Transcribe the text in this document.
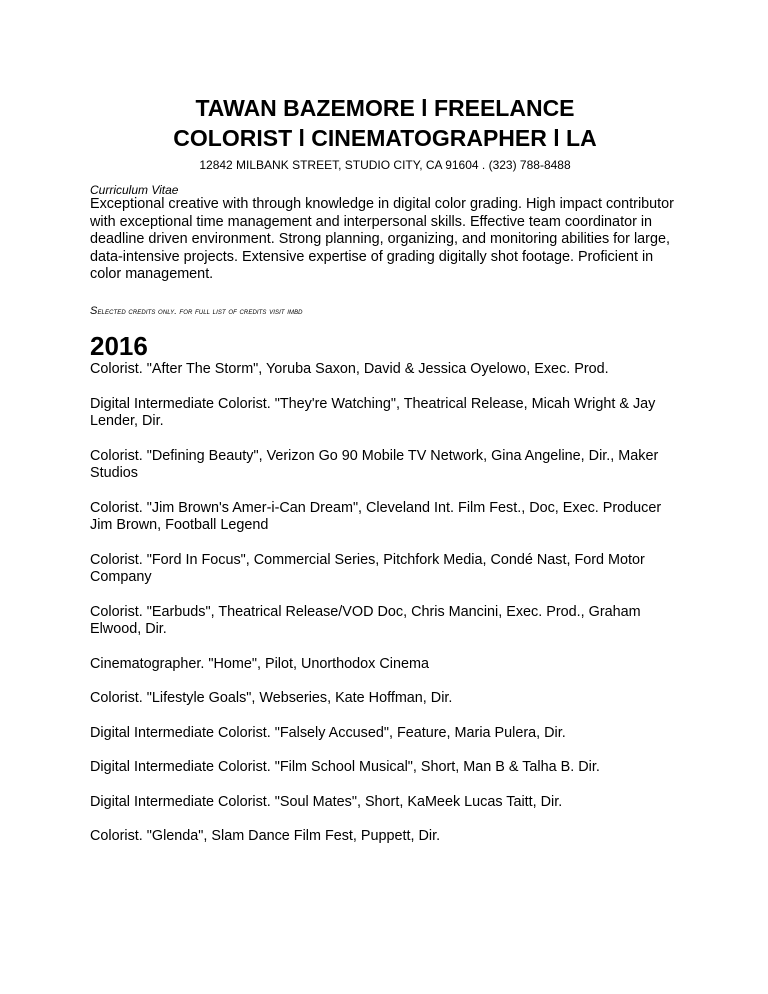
TAWAN BAZEMORE l FREELANCE
COLORIST l CINEMATOGRAPHER l LA
12842 MILBANK STREET, STUDIO CITY, CA 91604 . (323) 788-8488
Curriculum Vitae
Exceptional creative with through knowledge in digital color grading. High impact contributor with exceptional time management and interpersonal skills. Effective team coordinator in deadline driven environment. Strong planning, organizing, and monitoring abilities for large, data-intensive projects. Extensive expertise of grading digitally shot footage. Proficient in color management.
Selected credits only. for full list of credits visit imbd
2016

Colorist. "After The Storm", Yoruba Saxon, David & Jessica Oyelowo, Exec. Prod.

Digital Intermediate Colorist. "They're Watching", Theatrical Release, Micah Wright & Jay Lender, Dir.

Colorist. "Defining Beauty", Verizon Go 90 Mobile TV Network, Gina Angeline, Dir., Maker Studios

Colorist. "Jim Brown's Amer-i-Can Dream", Cleveland Int. Film Fest., Doc, Exec. Producer Jim Brown, Football Legend

Colorist. "Ford In Focus", Commercial Series, Pitchfork Media, Condé Nast, Ford Motor Company

Colorist. "Earbuds", Theatrical Release/VOD Doc, Chris Mancini, Exec. Prod., Graham Elwood, Dir.

Cinematographer. "Home", Pilot, Unorthodox Cinema

Colorist. "Lifestyle Goals", Webseries, Kate Hoffman, Dir.

Digital Intermediate Colorist. "Falsely Accused", Feature, Maria Pulera, Dir.

Digital Intermediate Colorist. "Film School Musical", Short, Man B & Talha B. Dir.

Digital Intermediate Colorist. "Soul Mates", Short, KaMeek Lucas Taitt, Dir.

Colorist. "Glenda", Slam Dance Film Fest, Puppett, Dir.
